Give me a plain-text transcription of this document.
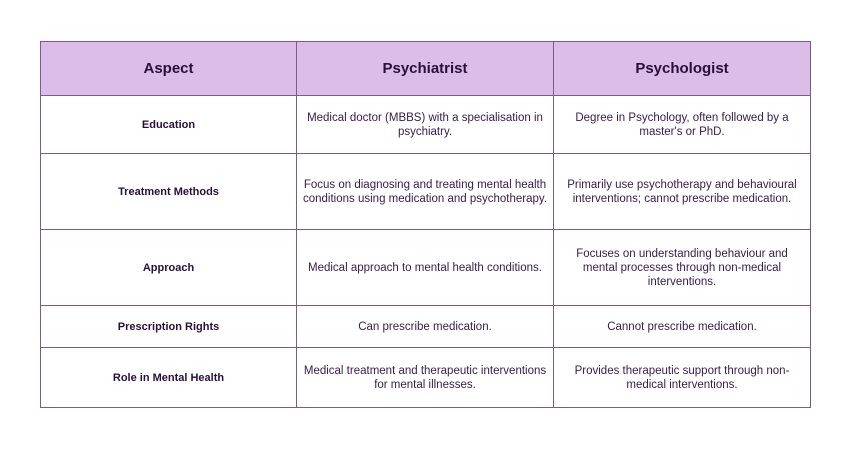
Aspect	Psychiatrist	Psychologist
Education	Medical doctor (MBBS) with a specialisation in psychiatry.	Degree in Psychology, often followed by a master's or PhD.
Treatment Methods	Focus on diagnosing and treating mental health conditions using medication and psychotherapy.	Primarily use psychotherapy and behavioural interventions; cannot prescribe medication.
Approach	Medical approach to mental health conditions.	Focuses on understanding behaviour and mental processes through non-medical interventions.
Prescription Rights	Can prescribe medication.	Cannot prescribe medication.
Role in Mental Health	Medical treatment and therapeutic interventions for mental illnesses.	Provides therapeutic support through non-medical interventions.
